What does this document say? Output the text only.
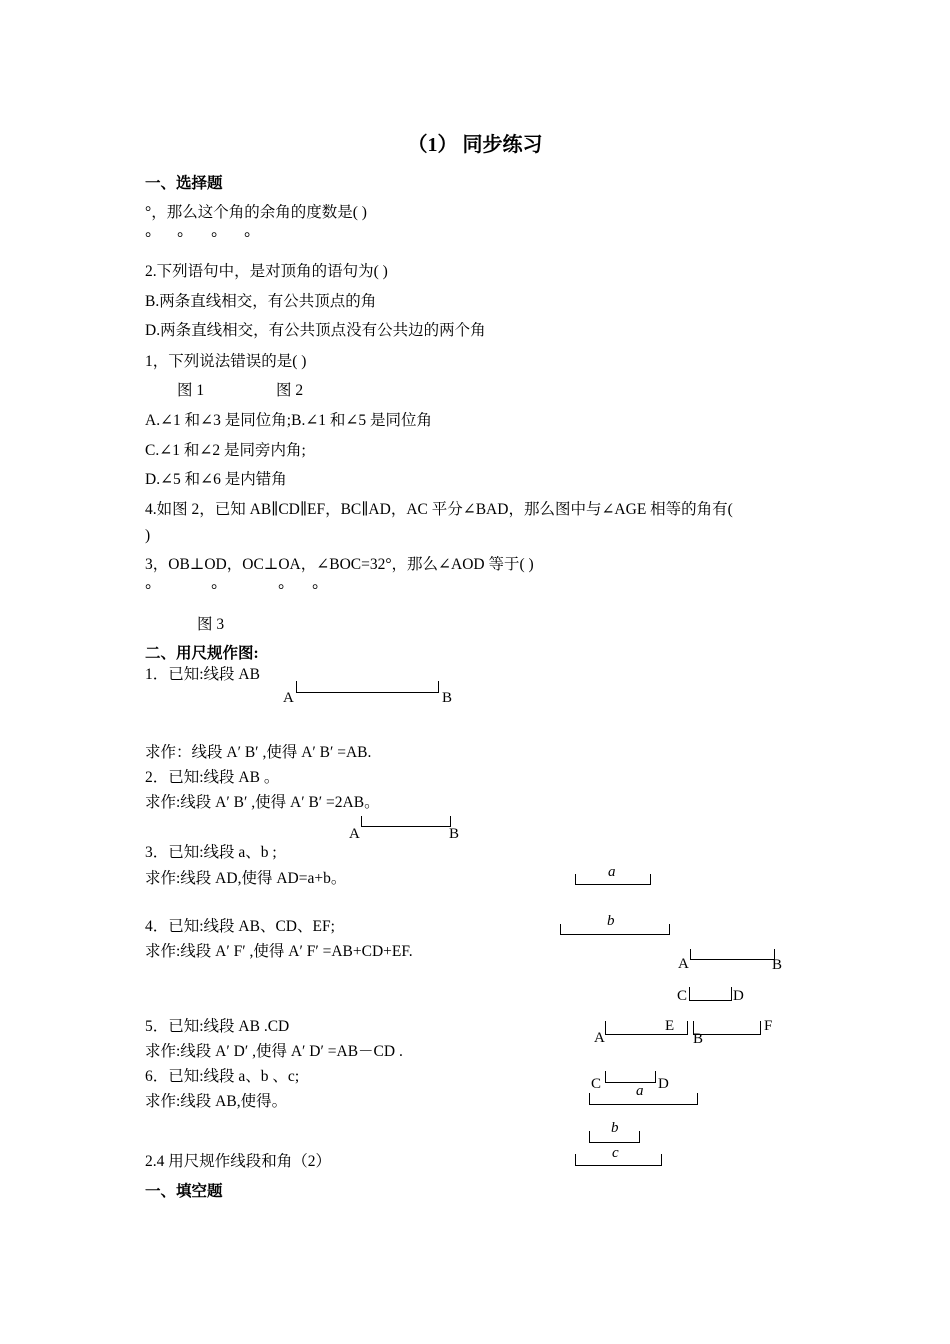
（1） 同步练习
一、选择题
°，那么这个角的余角的度数是( )
° ° ° °
2.下列语句中，是对顶角的语句为( )
B.两条直线相交，有公共顶点的角
D.两条直线相交，有公共顶点没有公共边的两个角
1，下列说法错误的是( )
图 1	图 2
A.∠1 和∠3 是同位角;B.∠1 和∠5 是同位角
C.∠1 和∠2 是同旁内角;
D.∠5 和∠6 是内错角
4.如图 2，已知 AB∥CD∥EF，BC∥AD，AC 平分∠BAD，那么图中与∠AGE 相等的角有(
)
3，OB⊥OD，OC⊥OA，∠BOC=32°，那么∠AOD 等于( )
°	°	° °
图 3
二、用尺规作图:
1．已知:线段 AB
A	B
求作：线段 A′ B′ ,使得 A′ B′ =AB.
2．已知:线段 AB 。
求作:线段 A′ B′ ,使得 A′ B′ =2AB。
A	B
3．已知:线段 a、b ;
求作:线段 AD,使得 AD=a+b。	a
b
4．已知:线段 AB、CD、EF;
求作:线段 A′ F′ ,使得 A′ F′ =AB+CD+EF.
A	B
C	D
5．已知:线段 AB .CD
求作:线段 A′ D′ ,使得 A′ D′ =AB－CD .
A	B
E	F
6．已知:线段 a、b 、c;
求作:线段 AB,使得。
C	D
a
b
c
2.4 用尺规作线段和角（2）
一、填空题
